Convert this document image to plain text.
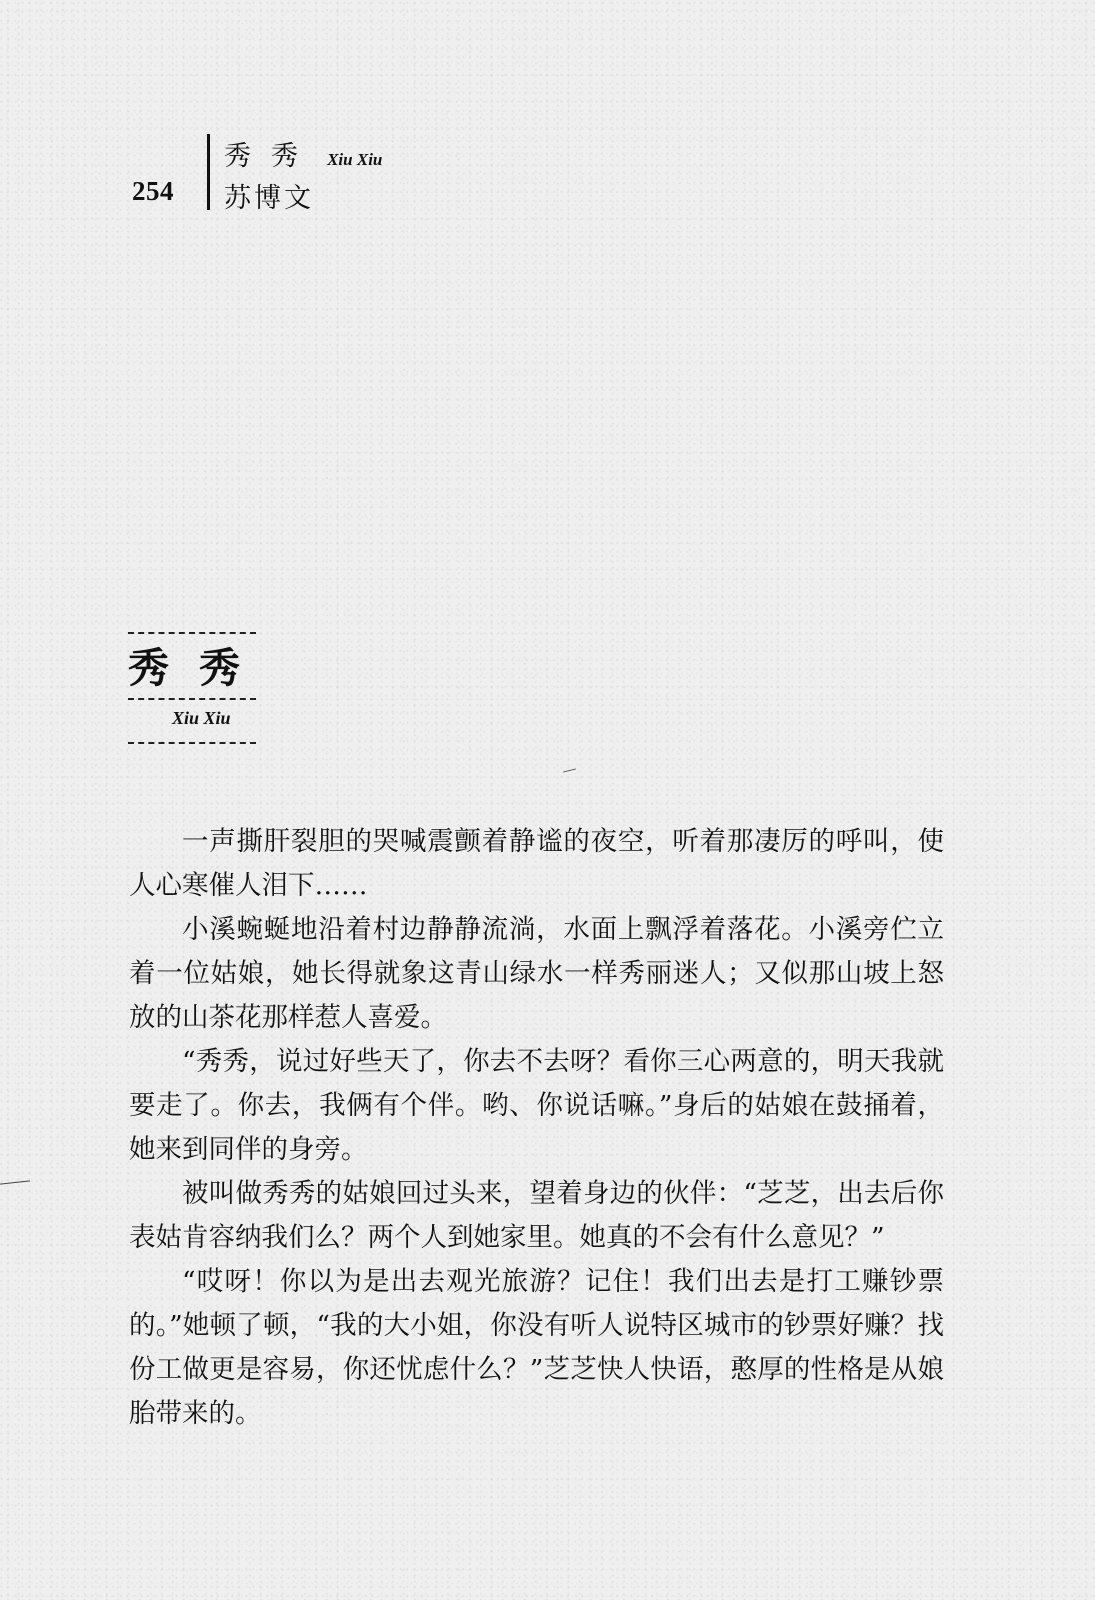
254
秀秀 Xiu Xiu
苏博文
秀秀
Xiu Xiu

一声撕肝裂胆的哭喊震颤着静谧的夜空，听着那凄厉的呼叫，使人心寒催人泪下……

小溪蜿蜒地沿着村边静静流淌，水面上飘浮着落花。小溪旁伫立着一位姑娘，她长得就象这青山绿水一样秀丽迷人；又似那山坡上怒放的山茶花那样惹人喜爱。

“秀秀，说过好些天了，你去不去呀？看你三心两意的，明天我就要走了。你去，我俩有个伴。哟、你说话嘛。”身后的姑娘在鼓捅着，她来到同伴的身旁。

被叫做秀秀的姑娘回过头来，望着身边的伙伴：“芝芝，出去后你表姑肯容纳我们么？两个人到她家里。她真的不会有什么意见？”

“哎呀！你以为是出去观光旅游？记住！我们出去是打工赚钞票的。”她顿了顿，“我的大小姐，你没有听人说特区城市的钞票好赚？找份工做更是容易，你还忧虑什么？”芝芝快人快语，憨厚的性格是从娘胎带来的。
